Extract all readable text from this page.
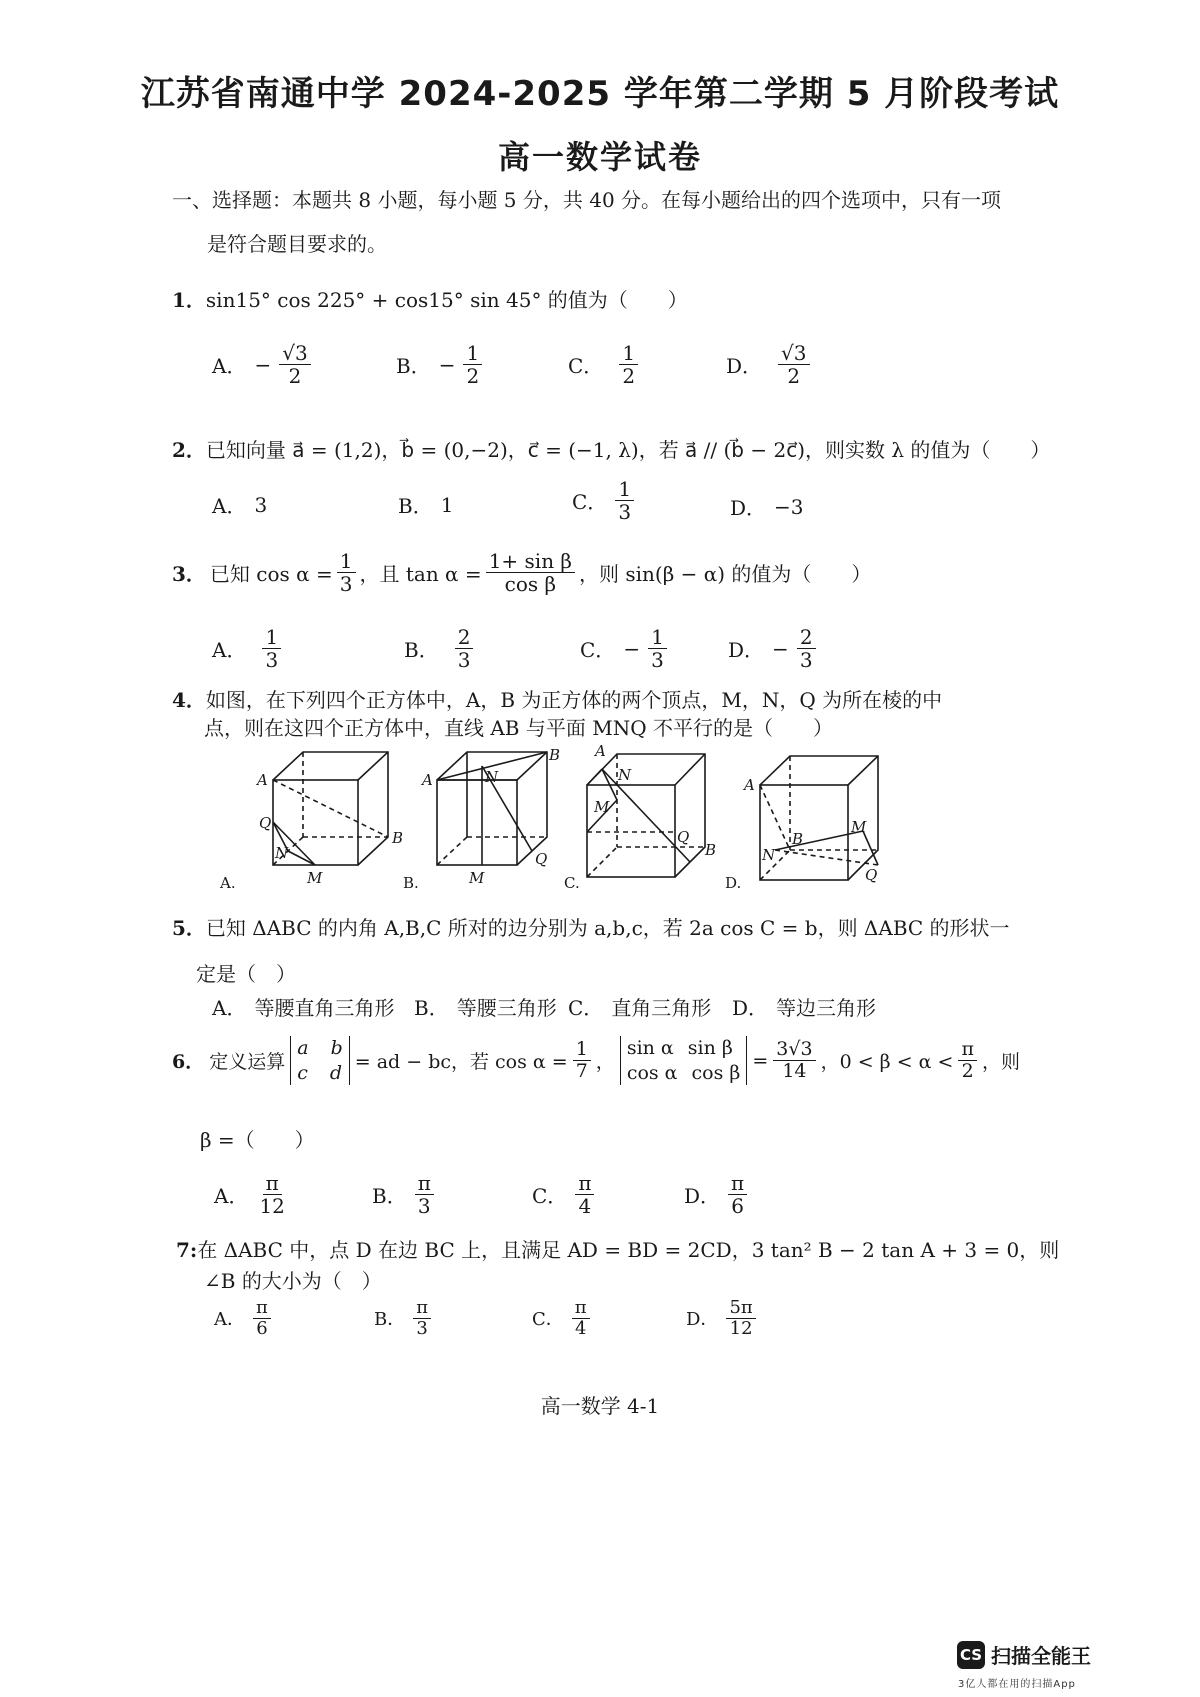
江苏省南通中学 2024-2025 学年第二学期 5 月阶段考试
高一数学试卷
一、选择题：本题共 8 小题，每小题 5 分，共 40 分。在每小题给出的四个选项中，只有一项
是符合题目要求的。
1．sin15° cos 225° + cos15° sin 45° 的值为（　　）
A． − $\frac{√3}{2}$	B． − $\frac{1}{2}$	C． $\frac{1}{2}$	D． $\frac{√3}{2}$
2．已知向量 a⃗ = (1,2)，b⃗ = (0,−2)，c⃗ = (−1, λ)，若 a⃗ // (b⃗ − 2c⃗)，则实数 λ 的值为（　　）
A． 3	B． 1	C． $\frac{1}{3}$	D． −3
3． 已知 $\cos \alpha = \frac{1}{3}$ ，且 $\tan \alpha = \frac{\text{1+ sin β}}{\text{cos β}}$ ，则 sin(β − α) 的值为（　　）
A． $\frac{1}{3}$	B． $\frac{2}{3}$	C． − $\frac{1}{3}$	D． − $\frac{2}{3}$
4．如图，在下列四个正方体中，A，B 为正方体的两个顶点，M，N，Q 为所在棱的中
点，则在这四个正方体中，直线 AB 与平面 MNQ 不平行的是（　　）
A
Q
N
M
B
A.
A	N
B
Q
M
B.
A
N
M
Q
B
C.
A
B
N
M
Q
D.
5．已知 ΔABC 的内角 A,B,C 所对的边分别为 a,b,c，若 2a cos C = b，则 ΔABC 的形状一
定是（　）
A． 等腰直角三角形 B． 等腰三角形 C． 直角三角形 D． 等边三角形
6． 定义运算
a b
c d = ad − bc，若 $\cos \alpha = \frac{1}{7}$ ，
sin α sin β
cos α cos β
= $\frac{3√3}{14}$ ，$0 < \beta < \alpha < \frac{\pi}{2}$ ，则
β =（　　）
A． $\frac{\pi}{12}$	B． $\frac{\pi}{3}$	C． $\frac{\pi}{4}$	D． $\frac{\pi}{6}$
7:在 ΔABC 中，点 D 在边 BC 上，且满足 AD = BD = 2CD，3 tan² B − 2 tan A + 3 = 0，则
∠B 的大小为（　）
A． $\frac{\pi}{6}$	B． $\frac{\pi}{3}$	C． $\frac{\pi}{4}$	D． $\frac{5\pi}{12}$
高一数学 4-1
CS 扫描全能王
3亿人都在用的扫描App
